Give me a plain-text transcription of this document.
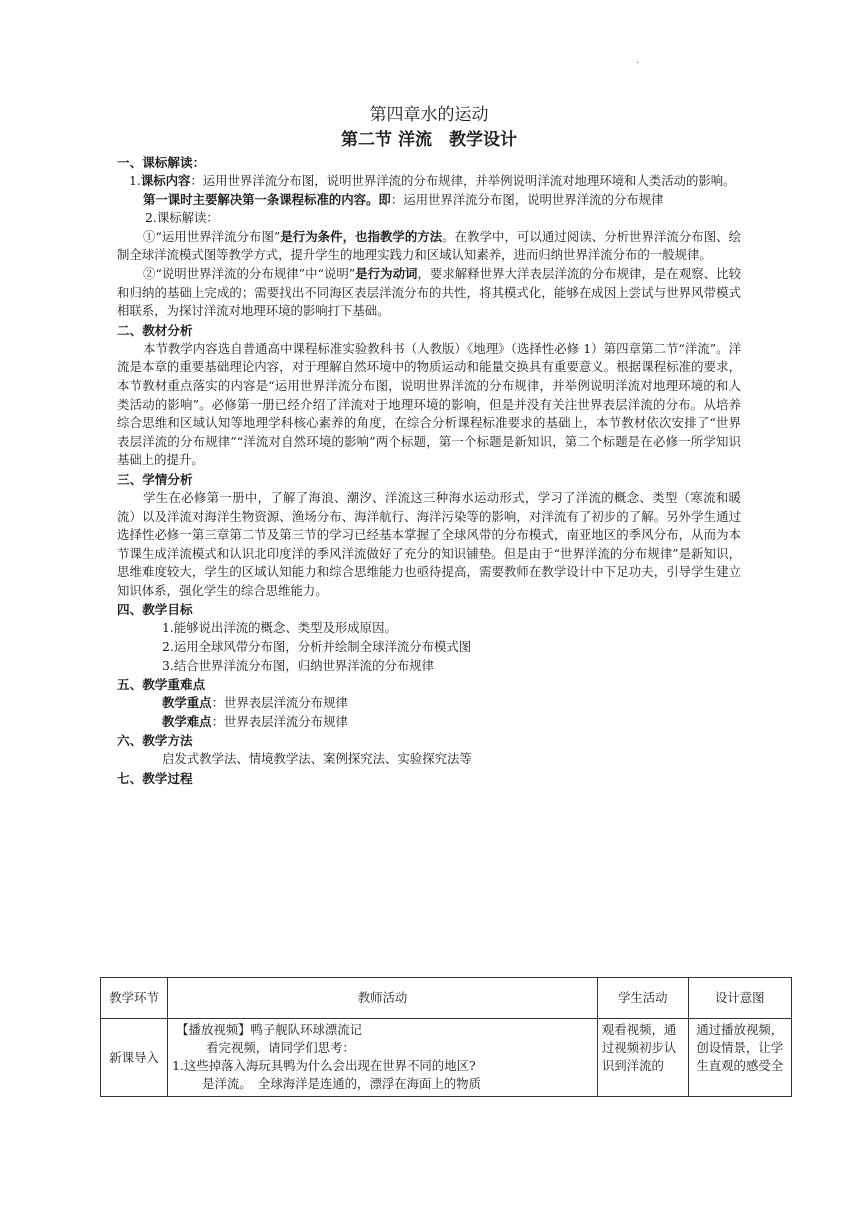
·

第四章水的运动

第二节 洋流　教学设计

一、课标解读：

1.课标内容：运用世界洋流分布图，说明世界洋流的分布规律，并举例说明洋流对地理环境和人类活动的影响。

第一课时主要解决第一条课程标准的内容。即：运用世界洋流分布图，说明世界洋流的分布规律

2.课标解读：

①“运用世界洋流分布图”是行为条件，也指教学的方法。在教学中，可以通过阅读、分析世界洋流分布图、绘制全球洋流模式图等教学方式，提升学生的地理实践力和区域认知素养，进而归纳世界洋流分布的一般规律。

②“说明世界洋流的分布规律”中“说明”是行为动词，要求解释世界大洋表层洋流的分布规律，是在观察、比较和归纳的基础上完成的；需要找出不同海区表层洋流分布的共性，将其模式化，能够在成因上尝试与世界风带模式相联系，为探讨洋流对地理环境的影响打下基础。

二、教材分析

本节教学内容选自普通高中课程标准实验教科书（人教版）《地理》（选择性必修 1）第四章第二节“洋流”。洋流是本章的重要基础理论内容，对于理解自然环境中的物质运动和能量交换具有重要意义。根据课程标准的要求，本节教材重点落实的内容是“运用世界洋流分布图，说明世界洋流的分布规律，并举例说明洋流对地理环境的和人类活动的影响”。必修第一册已经介绍了洋流对于地理环境的影响，但是并没有关注世界表层洋流的分布。从培养综合思维和区域认知等地理学科核心素养的角度，在综合分析课程标准要求的基础上，本节教材依次安排了“世界表层洋流的分布规律”“洋流对自然环境的影响”两个标题，第一个标题是新知识，第二个标题是在必修一所学知识基础上的提升。

三、学情分析

学生在必修第一册中，了解了海浪、潮汐、洋流这三种海水运动形式，学习了洋流的概念、类型（寒流和暖流）以及洋流对海洋生物资源、渔场分布、海洋航行、海洋污染等的影响，对洋流有了初步的了解。另外学生通过选择性必修一第三章第二节及第三节的学习已经基本掌握了全球风带的分布模式，南亚地区的季风分布，从而为本节课生成洋流模式和认识北印度洋的季风洋流做好了充分的知识铺垫。但是由于“世界洋流的分布规律”是新知识，思维难度较大，学生的区域认知能力和综合思维能力也亟待提高，需要教师在教学设计中下足功夫，引导学生建立知识体系，强化学生的综合思维能力。

四、教学目标

1.能够说出洋流的概念、类型及形成原因。

2.运用全球风带分布图，分析并绘制全球洋流分布模式图

3.结合世界洋流分布图，归纳世界洋流的分布规律

五、教学重难点

教学重点：世界表层洋流分布规律

教学难点：世界表层洋流分布规律

六、教学方法

启发式教学法、情境教学法、案例探究法、实验探究法等

七、教学过程
教学环节	教师活动	学生活动	设计意图
新课导入	【播放视频】鸭子舰队环球漂流记

看完视频，请同学们思考：

1.这些掉落入海玩具鸭为什么会出现在世界不同的地区?

是洋流。　全球海洋是连通的，漂浮在海面上的物质	观看视频，通过视频初步认识到洋流的	通过播放视频，创设情景，让学生直观的感受全
